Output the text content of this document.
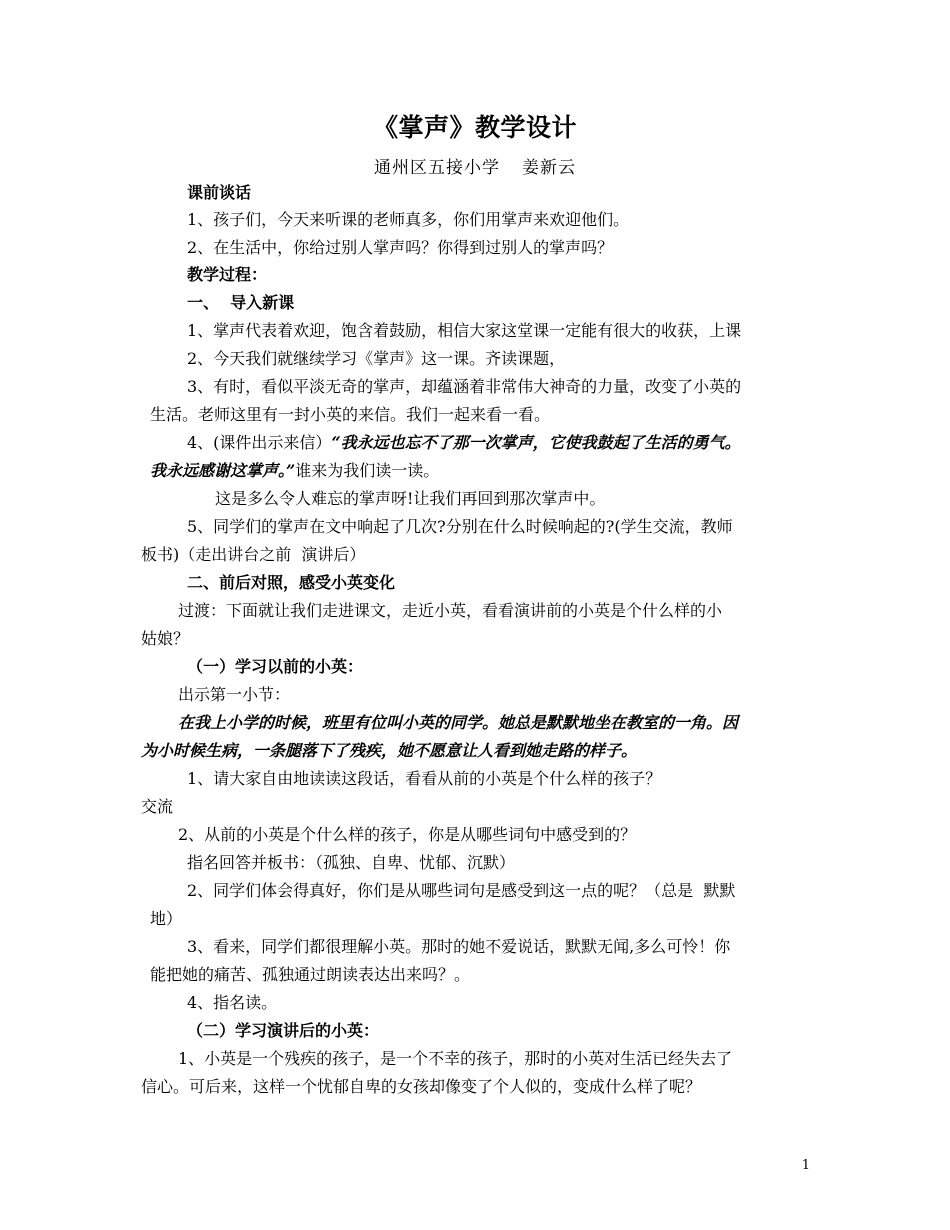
《掌声》教学设计
通州区五接小学 姜新云
课前谈话
1、孩子们，今天来听课的老师真多，你们用掌声来欢迎他们。
2、在生活中，你给过别人掌声吗？你得到过别人的掌声吗？
教学过程：
一、  导入新课
1、掌声代表着欢迎，饱含着鼓励，相信大家这堂课一定能有很大的收获，上课
2、今天我们就继续学习《掌声》这一课。齐读课题，
3、有时，看似平淡无奇的掌声，却蕴涵着非常伟大神奇的力量，改变了小英的
生活。老师这里有一封小英的来信。我们一起来看一看。
4、(课件出示来信）“我永远也忘不了那一次掌声，它使我鼓起了生活的勇气。
我永远感谢这掌声。”谁来为我们读一读。
这是多么令人难忘的掌声呀!让我们再回到那次掌声中。
5、同学们的掌声在文中响起了几次?分别在什么时候响起的?(学生交流，教师
板书)（走出讲台之前  演讲后）
二、前后对照，感受小英变化
过渡：下面就让我们走进课文，走近小英，看看演讲前的小英是个什么样的小
姑娘？
（一）学习以前的小英：
出示第一小节：
在我上小学的时候，班里有位叫小英的同学。她总是默默地坐在教室的一角。因
为小时候生病，一条腿落下了残疾，她不愿意让人看到她走路的样子。
1、请大家自由地读读这段话，看看从前的小英是个什么样的孩子？
交流
2、从前的小英是个什么样的孩子，你是从哪些词句中感受到的？
指名回答并板书：（孤独、自卑、忧郁、沉默）
2、同学们体会得真好，你们是从哪些词句是感受到这一点的呢？（总是  默默
地）
3、看来，同学们都很理解小英。那时的她不爱说话，默默无闻,多么可怜！你
能把她的痛苦、孤独通过朗读表达出来吗？。
4、指名读。
（二）学习演讲后的小英：
1、小英是一个残疾的孩子，是一个不幸的孩子，那时的小英对生活已经失去了
信心。可后来，这样一个忧郁自卑的女孩却像变了个人似的，变成什么样了呢？
1
